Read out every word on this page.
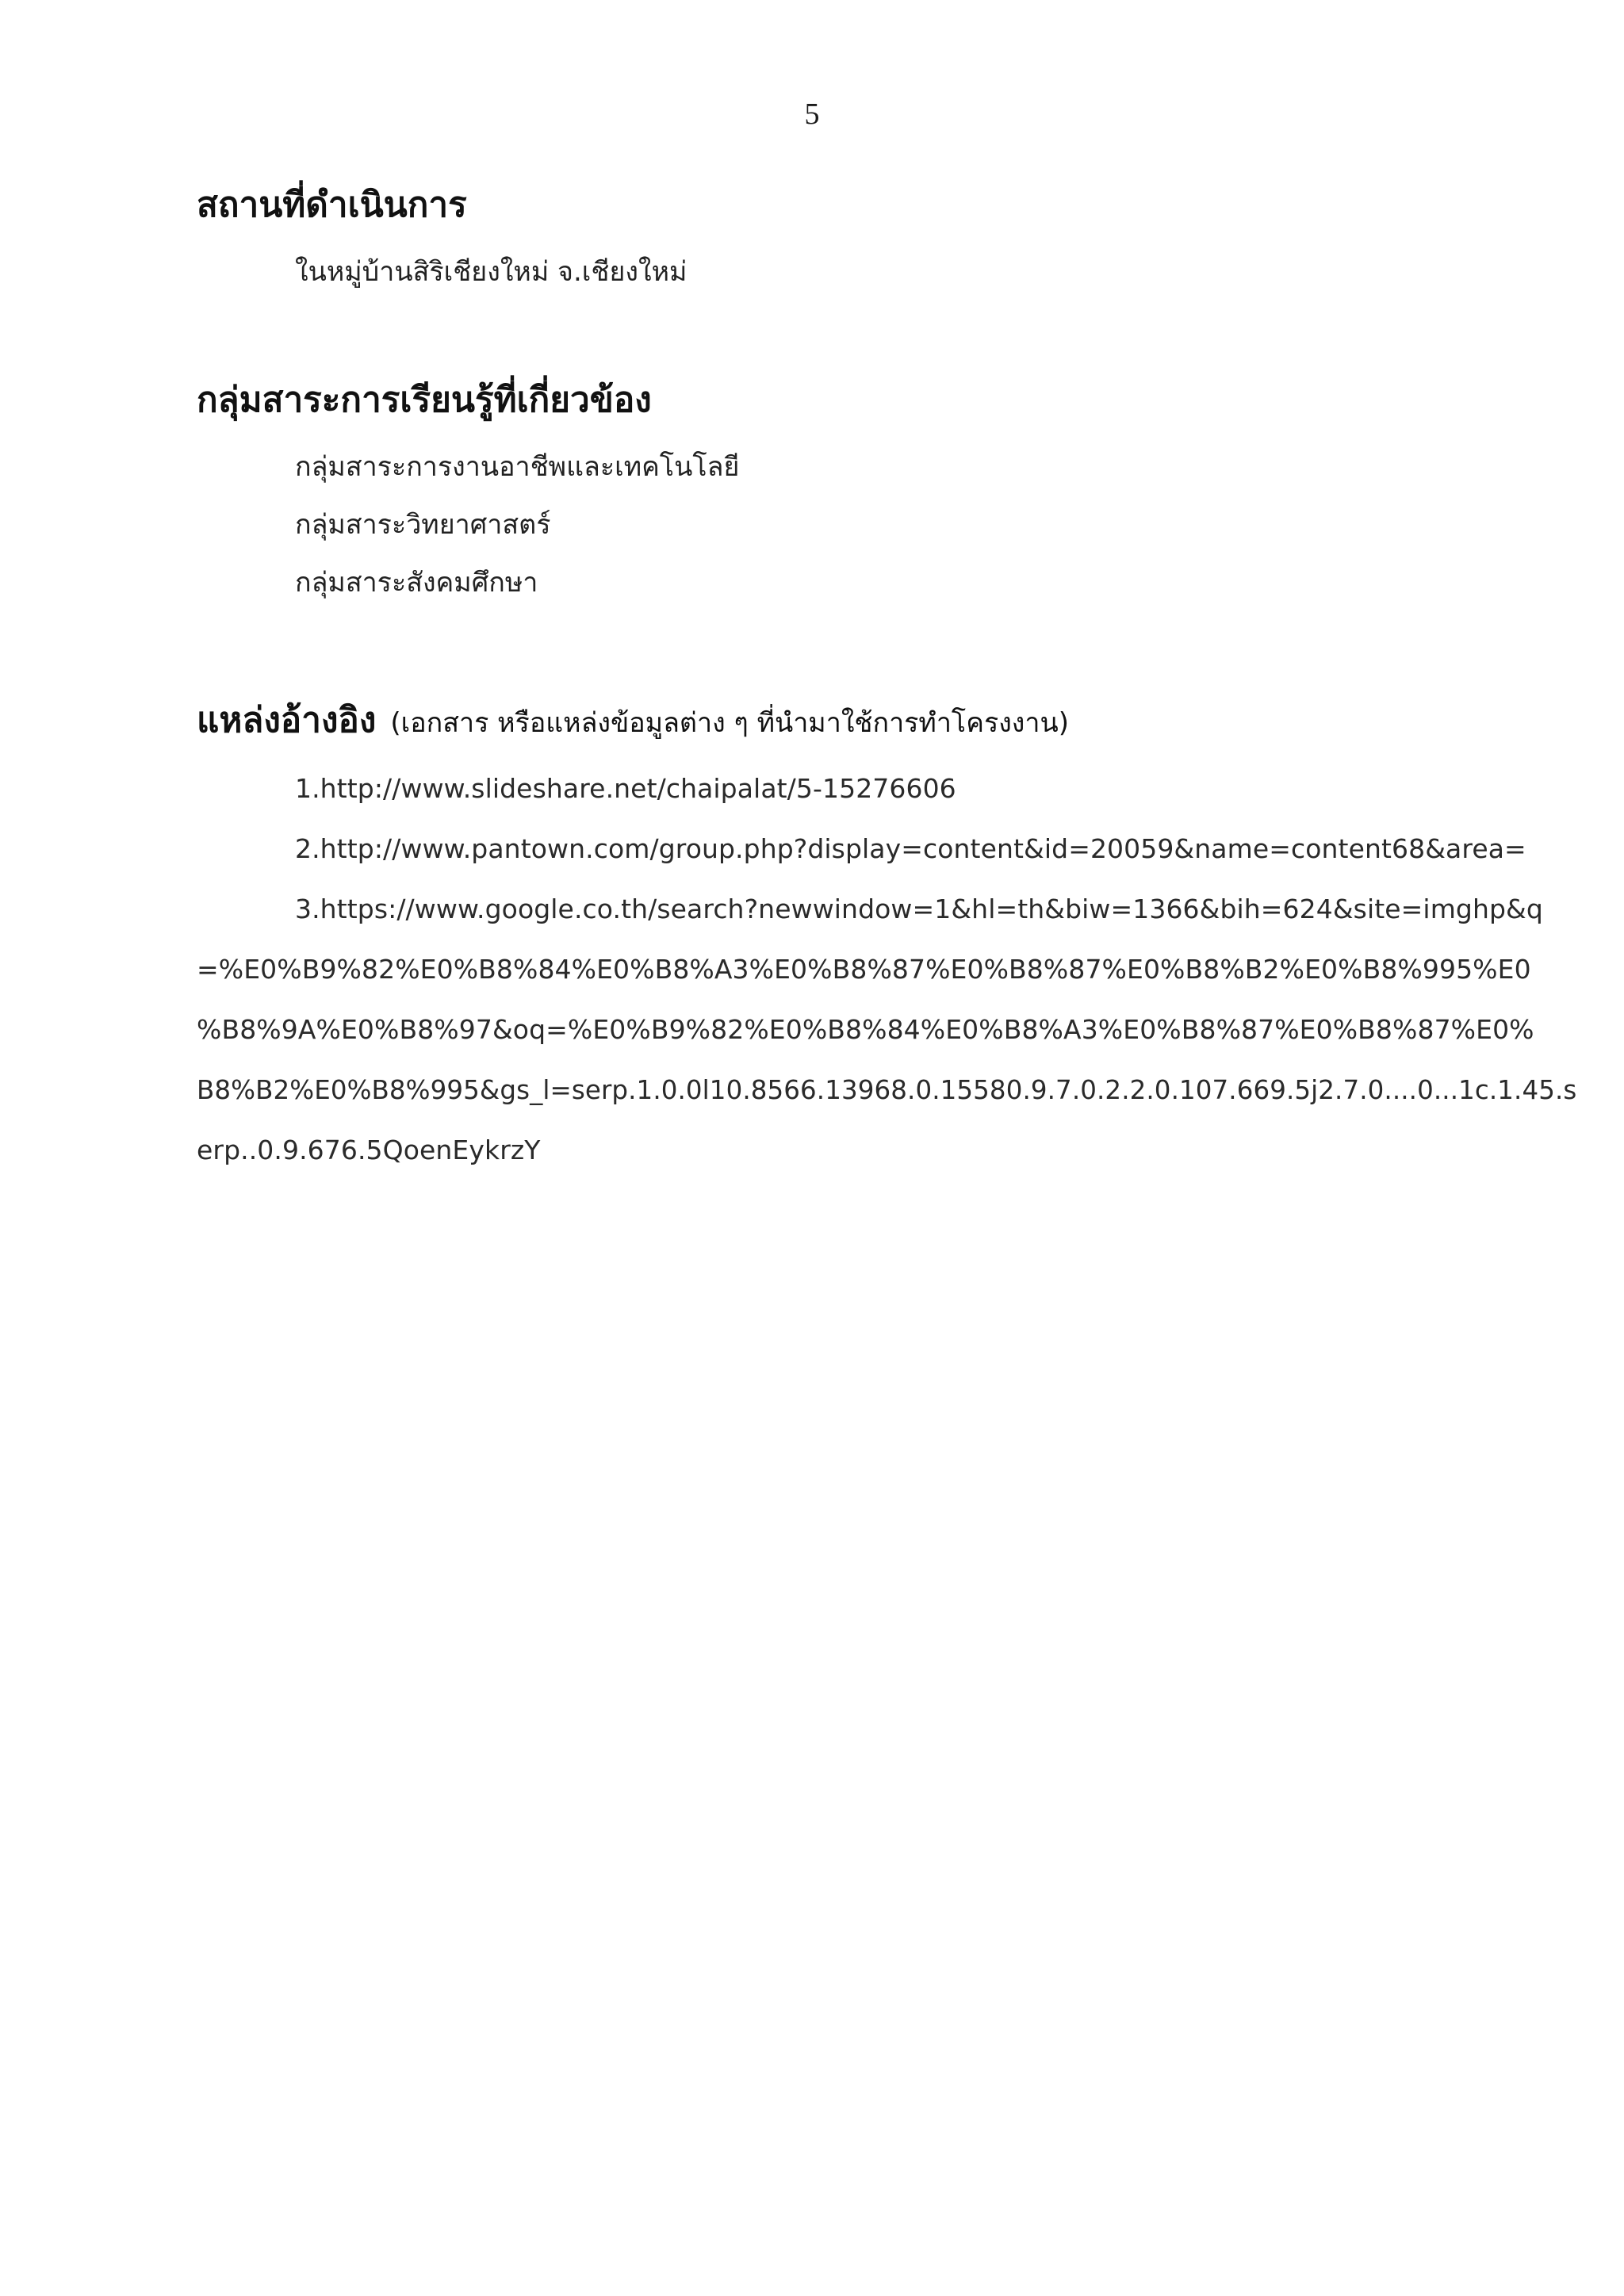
5
สถานที่ดำเนินการ
ในหมู่บ้านสิริเชียงใหม่ จ.เชียงใหม่
กลุ่มสาระการเรียนรู้ที่เกี่ยวข้อง
กลุ่มสาระการงานอาชีพและเทคโนโลยี
กลุ่มสาระวิทยาศาสตร์
กลุ่มสาระสังคมศึกษา
แหล่งอ้างอิง (เอกสาร หรือแหล่งข้อมูลต่าง ๆ ที่นำมาใช้การทำโครงงาน)
1.http://www.slideshare.net/chaipalat/5-15276606
2.http://www.pantown.com/group.php?display=content&id=20059&name=content68&area=
3.https://www.google.co.th/search?newwindow=1&hl=th&biw=1366&bih=624&site=imghp&q
=%E0%B9%82%E0%B8%84%E0%B8%A3%E0%B8%87%E0%B8%87%E0%B8%B2%E0%B8%995%E0
%B8%9A%E0%B8%97&oq=%E0%B9%82%E0%B8%84%E0%B8%A3%E0%B8%87%E0%B8%87%E0%
B8%B2%E0%B8%995&gs_l=serp.1.0.0l10.8566.13968.0.15580.9.7.0.2.2.0.107.669.5j2.7.0....0...1c.1.45.s
erp..0.9.676.5QoenEykrzY
